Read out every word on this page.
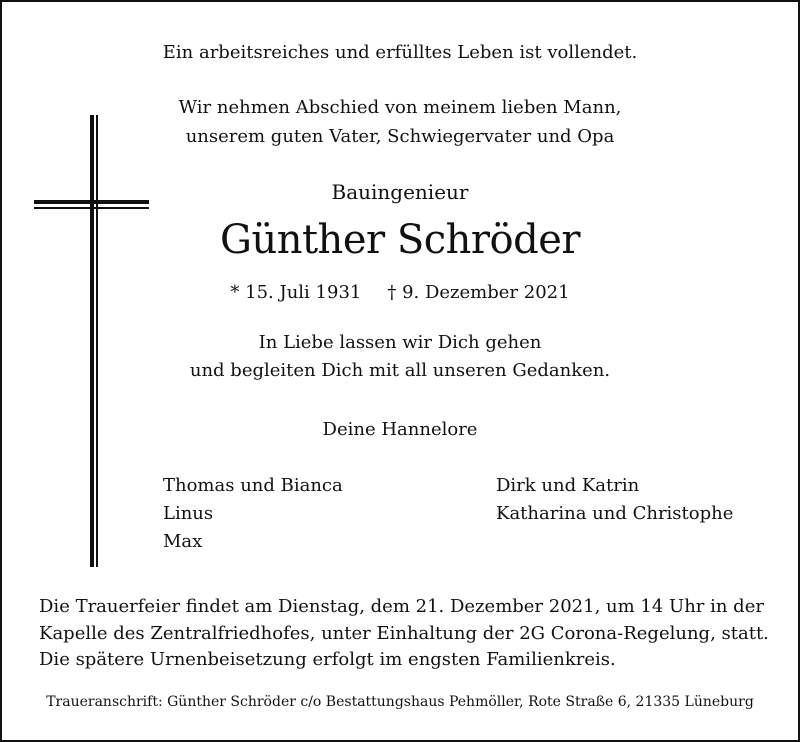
Ein arbeitsreiches und erfülltes Leben ist vollendet.
Wir nehmen Abschied von meinem lieben Mann,
unserem guten Vater, Schwiegervater und Opa
Bauingenieur
Günther Schröder
* 15. Juli 1931 † 9. Dezember 2021
In Liebe lassen wir Dich gehen
und begleiten Dich mit all unseren Gedanken.
Deine Hannelore
Thomas und Bianca
Linus
Max
Dirk und Katrin
Katharina und Christophe
Die Trauerfeier findet am Dienstag, dem 21. Dezember 2021, um 14 Uhr in der
Kapelle des Zentralfriedhofes, unter Einhaltung der 2G Corona-Regelung, statt.
Die spätere Urnenbeisetzung erfolgt im engsten Familienkreis.
Traueranschrift: Günther Schröder c/o Bestattungshaus Pehmöller, Rote Straße 6, 21335 Lüneburg
